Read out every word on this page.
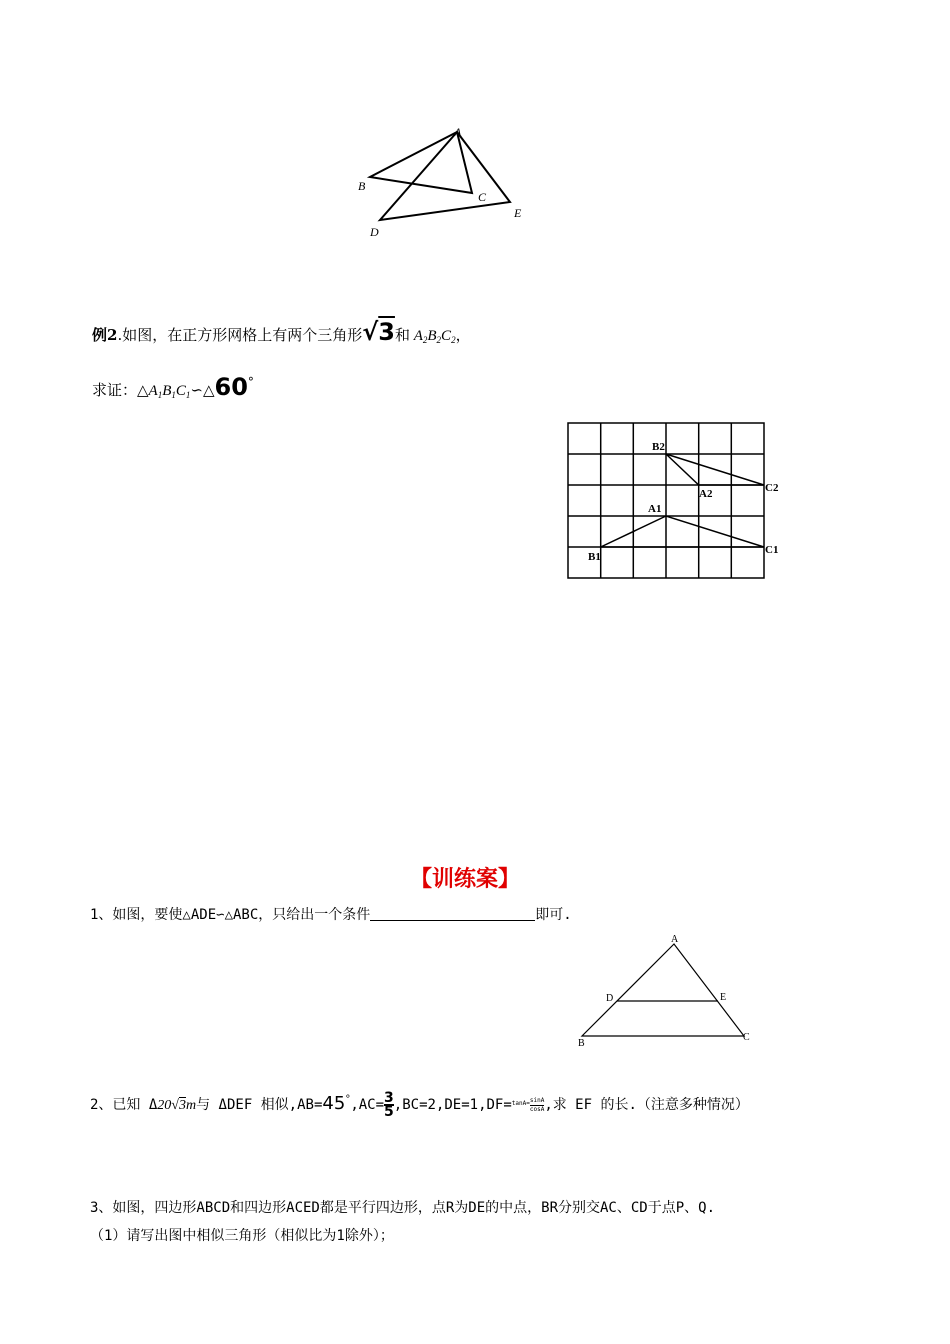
A
B
C
D
E
例2.如图，在正方形网格上有两个三角形√3和 $A_2B_2C_2$，
求证：$\triangle A_1B_1C_1∽\triangle 60^\circ$
B2
A2	C2
A1
B1
C1
【训练案】
1、如图，要使△ADE∽△ABC，只给出一个条件	即可.
A
D	E
B
C
2、已知 Δ20√3m与 ΔDEF 相似$,AB=45^\circ,AC= \frac{3}{5} ,BC=2,DE=1,DF=^{tanA=} \frac{\sin A}{\cos A}$ ,求 EF 的长.（注意多种情况）
3、如图，四边形ABCD和四边形ACED都是平行四边形，点R为DE的中点，BR分别交AC、CD于点P、Q.
（1）请写出图中相似三角形（相似比为1除外）；
